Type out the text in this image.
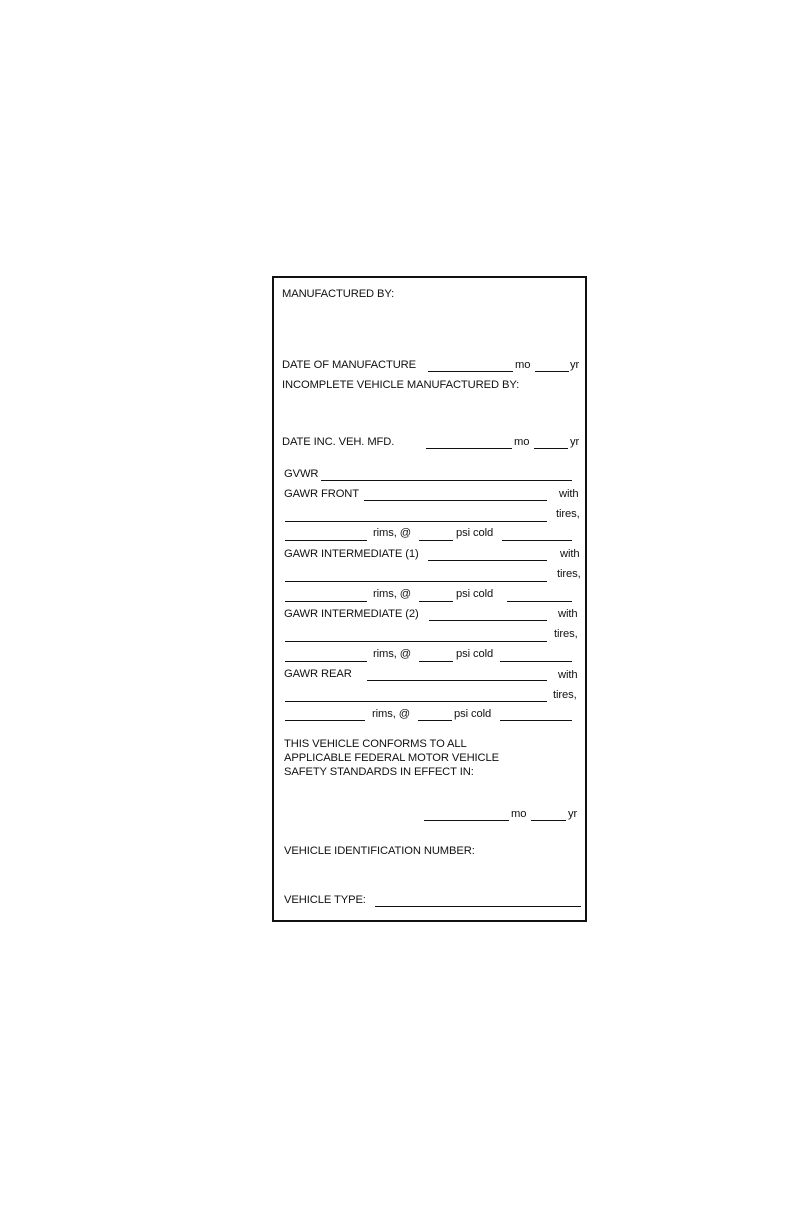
MANUFACTURED BY:
DATE OF MANUFACTURE	mo	yr
INCOMPLETE VEHICLE MANUFACTURED BY:
DATE INC. VEH. MFD.	mo	yr
GVWR
GAWR FRONT	with
tires,
rims, @	psi cold
GAWR INTERMEDIATE (1)	with
tires,
rims, @	psi cold
GAWR INTERMEDIATE (2)	with
tires,
rims, @	psi cold
GAWR REAR	with
tires,
rims, @	psi cold
THIS VEHICLE CONFORMS TO ALL
APPLICABLE FEDERAL MOTOR VEHICLE
SAFETY STANDARDS IN EFFECT IN:
mo	yr
VEHICLE IDENTIFICATION NUMBER:
VEHICLE TYPE:
